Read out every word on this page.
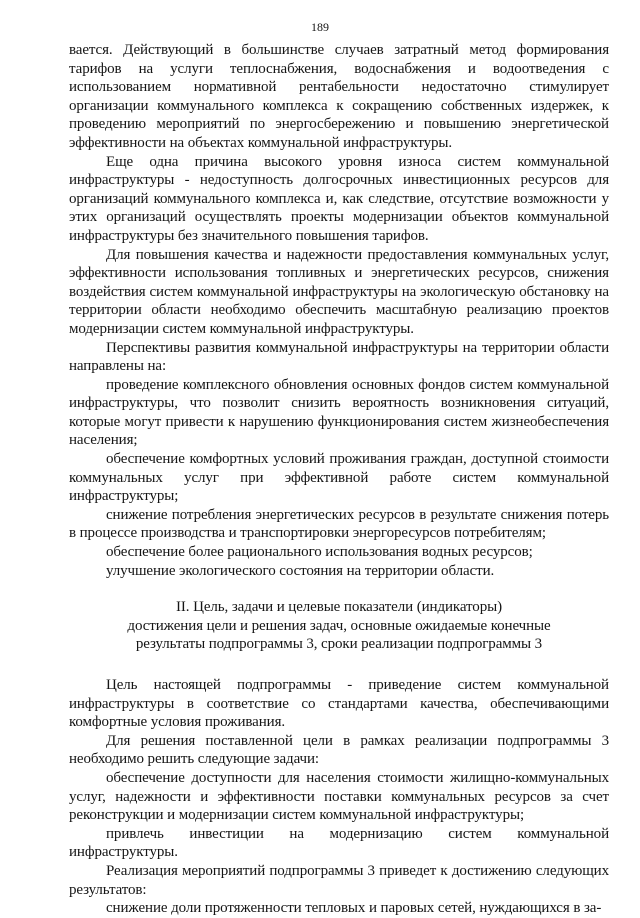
189

вается. Действующий в большинстве случаев затратный метод формирования тарифов на услуги теплоснабжения, водоснабжения и водоотведения с использованием нормативной рентабельности недостаточно стимулирует организации коммунального комплекса к сокращению собственных издержек, к проведению мероприятий по энергосбережению и повышению энергетической эффективности на объектах коммунальной инфраструктуры.

Еще одна причина высокого уровня износа систем коммунальной инфраструктуры - недоступность долгосрочных инвестиционных ресурсов для организаций коммунального комплекса и, как следствие, отсутствие возможности у этих организаций осуществлять проекты модернизации объектов коммунальной инфраструктуры без значительного повышения тарифов.

Для повышения качества и надежности предоставления коммунальных услуг, эффективности использования топливных и энергетических ресурсов, снижения воздействия систем коммунальной инфраструктуры на экологическую обстановку на территории области необходимо обеспечить масштабную реализацию проектов модернизации систем коммунальной инфраструктуры.

Перспективы развития коммунальной инфраструктуры на территории области направлены на:

проведение комплексного обновления основных фондов систем коммунальной инфраструктуры, что позволит снизить вероятность возникновения ситуаций, которые могут привести к нарушению функционирования систем жизнеобеспечения населения;

обеспечение комфортных условий проживания граждан, доступной стоимости коммунальных услуг при эффективной работе систем коммунальной инфраструктуры;

снижение потребления энергетических ресурсов в результате снижения потерь в процессе производства и транспортировки энергоресурсов потребителям;

обеспечение более рационального использования водных ресурсов;

улучшение экологического состояния на территории области.

II. Цель, задачи и целевые показатели (индикаторы)
достижения цели и решения задач, основные ожидаемые конечные
результаты подпрограммы 3, сроки реализации подпрограммы 3

Цель настоящей подпрограммы - приведение систем коммунальной инфраструктуры в соответствие со стандартами качества, обеспечивающими комфортные условия проживания.

Для решения поставленной цели в рамках реализации подпрограммы 3 необходимо решить следующие задачи:

обеспечение доступности для населения стоимости жилищно-коммунальных услуг, надежности и эффективности поставки коммунальных ресурсов за счет реконструкции и модернизации систем коммунальной инфраструктуры;

привлечь инвестиции на модернизацию систем коммунальной инфраструктуры.

Реализация мероприятий подпрограммы 3 приведет к достижению следующих результатов:

снижение доли протяженности тепловых и паровых сетей, нуждающихся в за-
